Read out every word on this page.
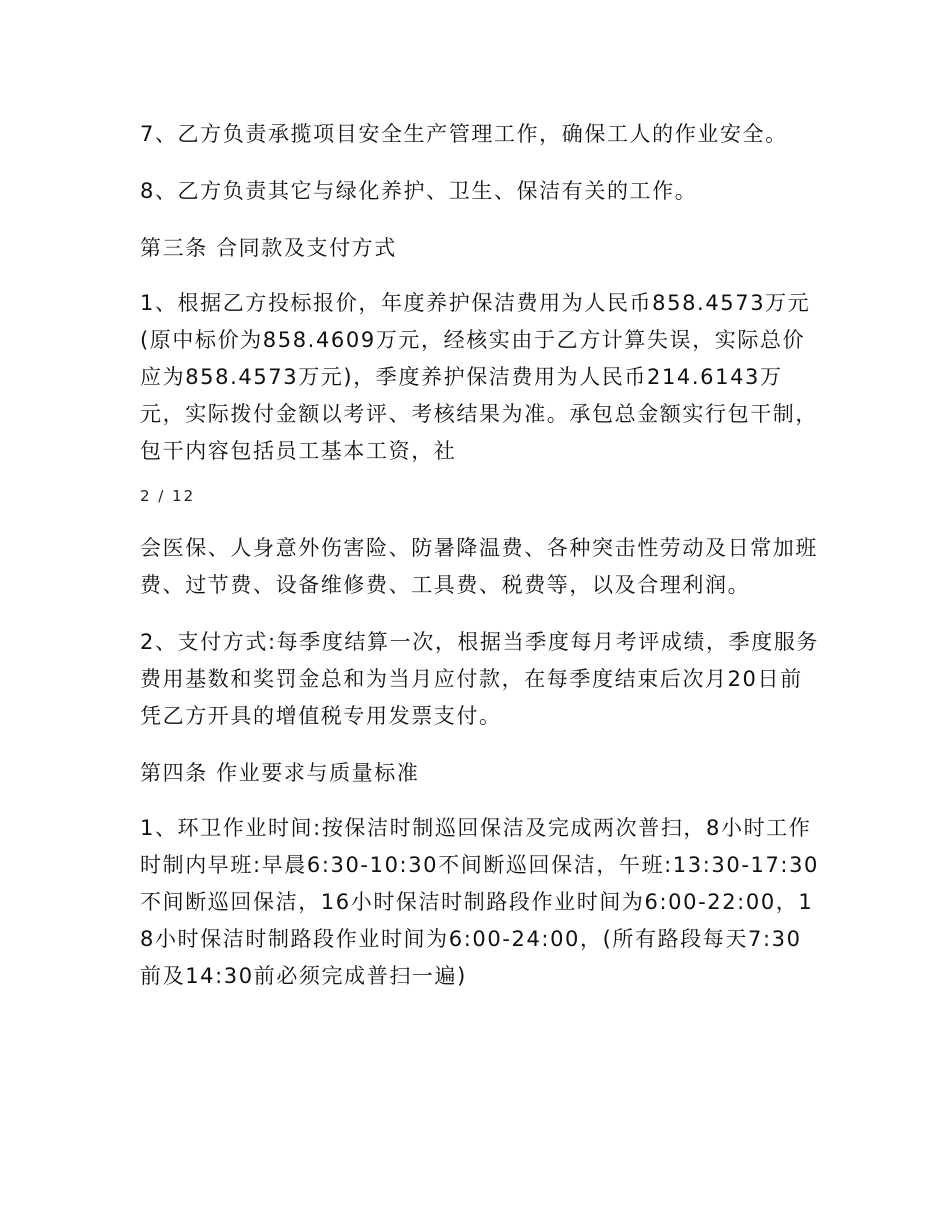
7、乙方负责承揽项目安全生产管理工作，确保工人的作业安全。

8、乙方负责其它与绿化养护、卫生、保洁有关的工作。

第三条 合同款及支付方式

1、根据乙方投标报价，年度养护保洁费用为人民币858.4573万元(原中标价为858.4609万元，经核实由于乙方计算失误，实际总价应为858.4573万元)，季度养护保洁费用为人民币214.6143万元，实际拨付金额以考评、考核结果为准。承包总金额实行包干制，包干内容包括员工基本工资，社

2 / 12

会医保、人身意外伤害险、防暑降温费、各种突击性劳动及日常加班费、过节费、设备维修费、工具费、税费等，以及合理利润。

2、支付方式:每季度结算一次，根据当季度每月考评成绩，季度服务费用基数和奖罚金总和为当月应付款，在每季度结束后次月20日前凭乙方开具的增值税专用发票支付。

第四条 作业要求与质量标准

1、环卫作业时间:按保洁时制巡回保洁及完成两次普扫，8小时工作时制内早班:早晨6:30-10:30不间断巡回保洁，午班:13:30-17:30不间断巡回保洁，16小时保洁时制路段作业时间为6:00-22:00，18小时保洁时制路段作业时间为6:00-24:00，(所有路段每天7:30前及14:30前必须完成普扫一遍)
